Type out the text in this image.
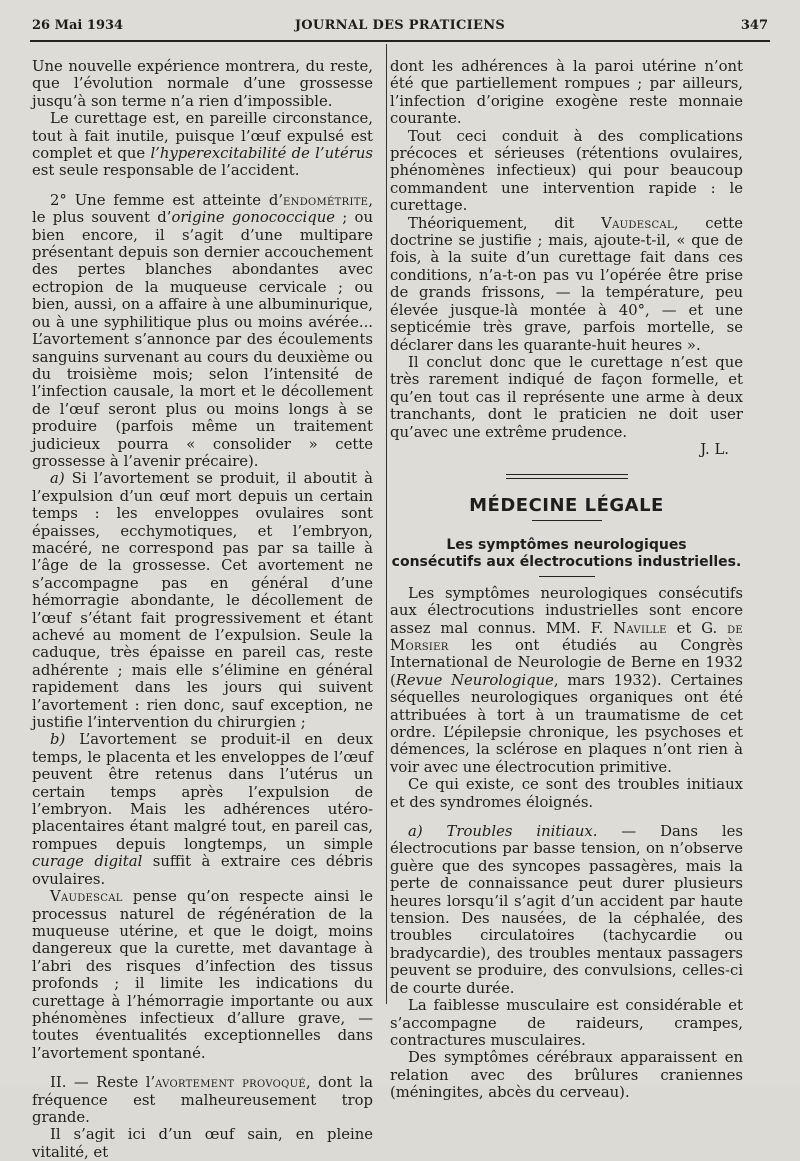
26 Mai 1934	JOURNAL DES PRATICIENS	347

Une nouvelle expérience montrera, du reste, que l’évolution normale d’une grossesse jusqu’à son terme n’a rien d’impossible.

Le curettage est, en pareille circonstance, tout à fait inutile, puisque l’œuf expulsé est complet et que l’hyperexcitabilité de l’utérus est seule responsable de l’accident.

2° Une femme est atteinte d’endométrite, le plus souvent d’origine gonococcique ; ou bien encore, il s’agit d’une multipare présentant depuis son dernier accouchement des pertes blanches abondantes avec ectropion de la muqueuse cervicale ; ou bien, aussi, on a affaire à une albuminurique, ou à une syphilitique plus ou moins avérée... L’avortement s’annonce par des écoulements sanguins survenant au cours du deuxième ou du troisième mois; selon l’intensité de l’infection causale, la mort et le décollement de l’œuf seront plus ou moins longs à se produire (parfois même un traitement judicieux pourra « consolider » cette grossesse à l’avenir précaire).

a) Si l’avortement se produit, il aboutit à l’expulsion d’un œuf mort depuis un certain temps : les enveloppes ovulaires sont épaisses, ecchymotiques, et l’embryon, macéré, ne correspond pas par sa taille à l’âge de la grossesse. Cet avortement ne s’accompagne pas en général d’une hémorragie abondante, le décollement de l’œuf s’étant fait progressivement et étant achevé au moment de l’expulsion. Seule la caduque, très épaisse en pareil cas, reste adhérente ; mais elle s’élimine en général rapidement dans les jours qui suivent l’avortement : rien donc, sauf exception, ne justifie l’intervention du chirurgien ;

b) L’avortement se produit-il en deux temps, le placenta et les enveloppes de l’œuf peuvent être retenus dans l’utérus un certain temps après l’expulsion de l’embryon. Mais les adhérences utéro-placentaires étant malgré tout, en pareil cas, rompues depuis longtemps, un simple curage digital suffit à extraire ces débris ovulaires.

Vaudescal pense qu’on respecte ainsi le processus naturel de régénération de la muqueuse utérine, et que le doigt, moins dangereux que la curette, met davantage à l’abri des risques d’infection des tissus profonds ; il limite les indications du curettage à l’hémorragie importante ou aux phénomènes infectieux d’allure grave, — toutes éventualités exceptionnelles dans l’avortement spontané.

II. — Reste l’avortement provoqué, dont la fréquence est malheureusement trop grande.

Il s’agit ici d’un œuf sain, en pleine vitalité, et

dont les adhérences à la paroi utérine n’ont été que partiellement rompues ; par ailleurs, l’infection d’origine exogène reste monnaie courante.

Tout ceci conduit à des complications précoces et sérieuses (rétentions ovulaires, phénomènes infectieux) qui pour beaucoup commandent une intervention rapide : le curettage.

Théoriquement, dit Vaudescal, cette doctrine se justifie ; mais, ajoute-t-il, « que de fois, à la suite d’un curettage fait dans ces conditions, n’a-t-on pas vu l’opérée être prise de grands frissons, — la température, peu élevée jusque-là montée à 40°, — et une septicémie très grave, parfois mortelle, se déclarer dans les quarante-huit heures ».

Il conclut donc que le curettage n’est que très rarement indiqué de façon formelle, et qu’en tout cas il représente une arme à deux tranchants, dont le praticien ne doit user qu’avec une extrême prudence.

J. L.

MÉDECINE LÉGALE
Les symptômes neurologiques
consécutifs aux électrocutions industrielles.

Les symptômes neurologiques consécutifs aux électrocutions industrielles sont encore assez mal connus. MM. F. Naville et G. de Morsier les ont étudiés au Congrès International de Neurologie de Berne en 1932 (Revue Neurologique, mars 1932). Certaines séquelles neurologiques organiques ont été attribuées à tort à un traumatisme de cet ordre. L’épilepsie chronique, les psychoses et démences, la sclérose en plaques n’ont rien à voir avec une électrocution primitive.

Ce qui existe, ce sont des troubles initiaux et des syndromes éloignés.

a) Troubles initiaux. — Dans les électrocutions par basse tension, on n’observe guère que des syncopes passagères, mais la perte de connaissance peut durer plusieurs heures lorsqu’il s’agit d’un accident par haute tension. Des nausées, de la céphalée, des troubles circulatoires (tachycardie ou bradycardie), des troubles mentaux passagers peuvent se produire, des convulsions, celles-ci de courte durée.

La faiblesse musculaire est considérable et s’accompagne de raideurs, crampes, contractures musculaires.

Des symptômes cérébraux apparaissent en relation avec des brûlures craniennes (méningites, abcès du cerveau).
